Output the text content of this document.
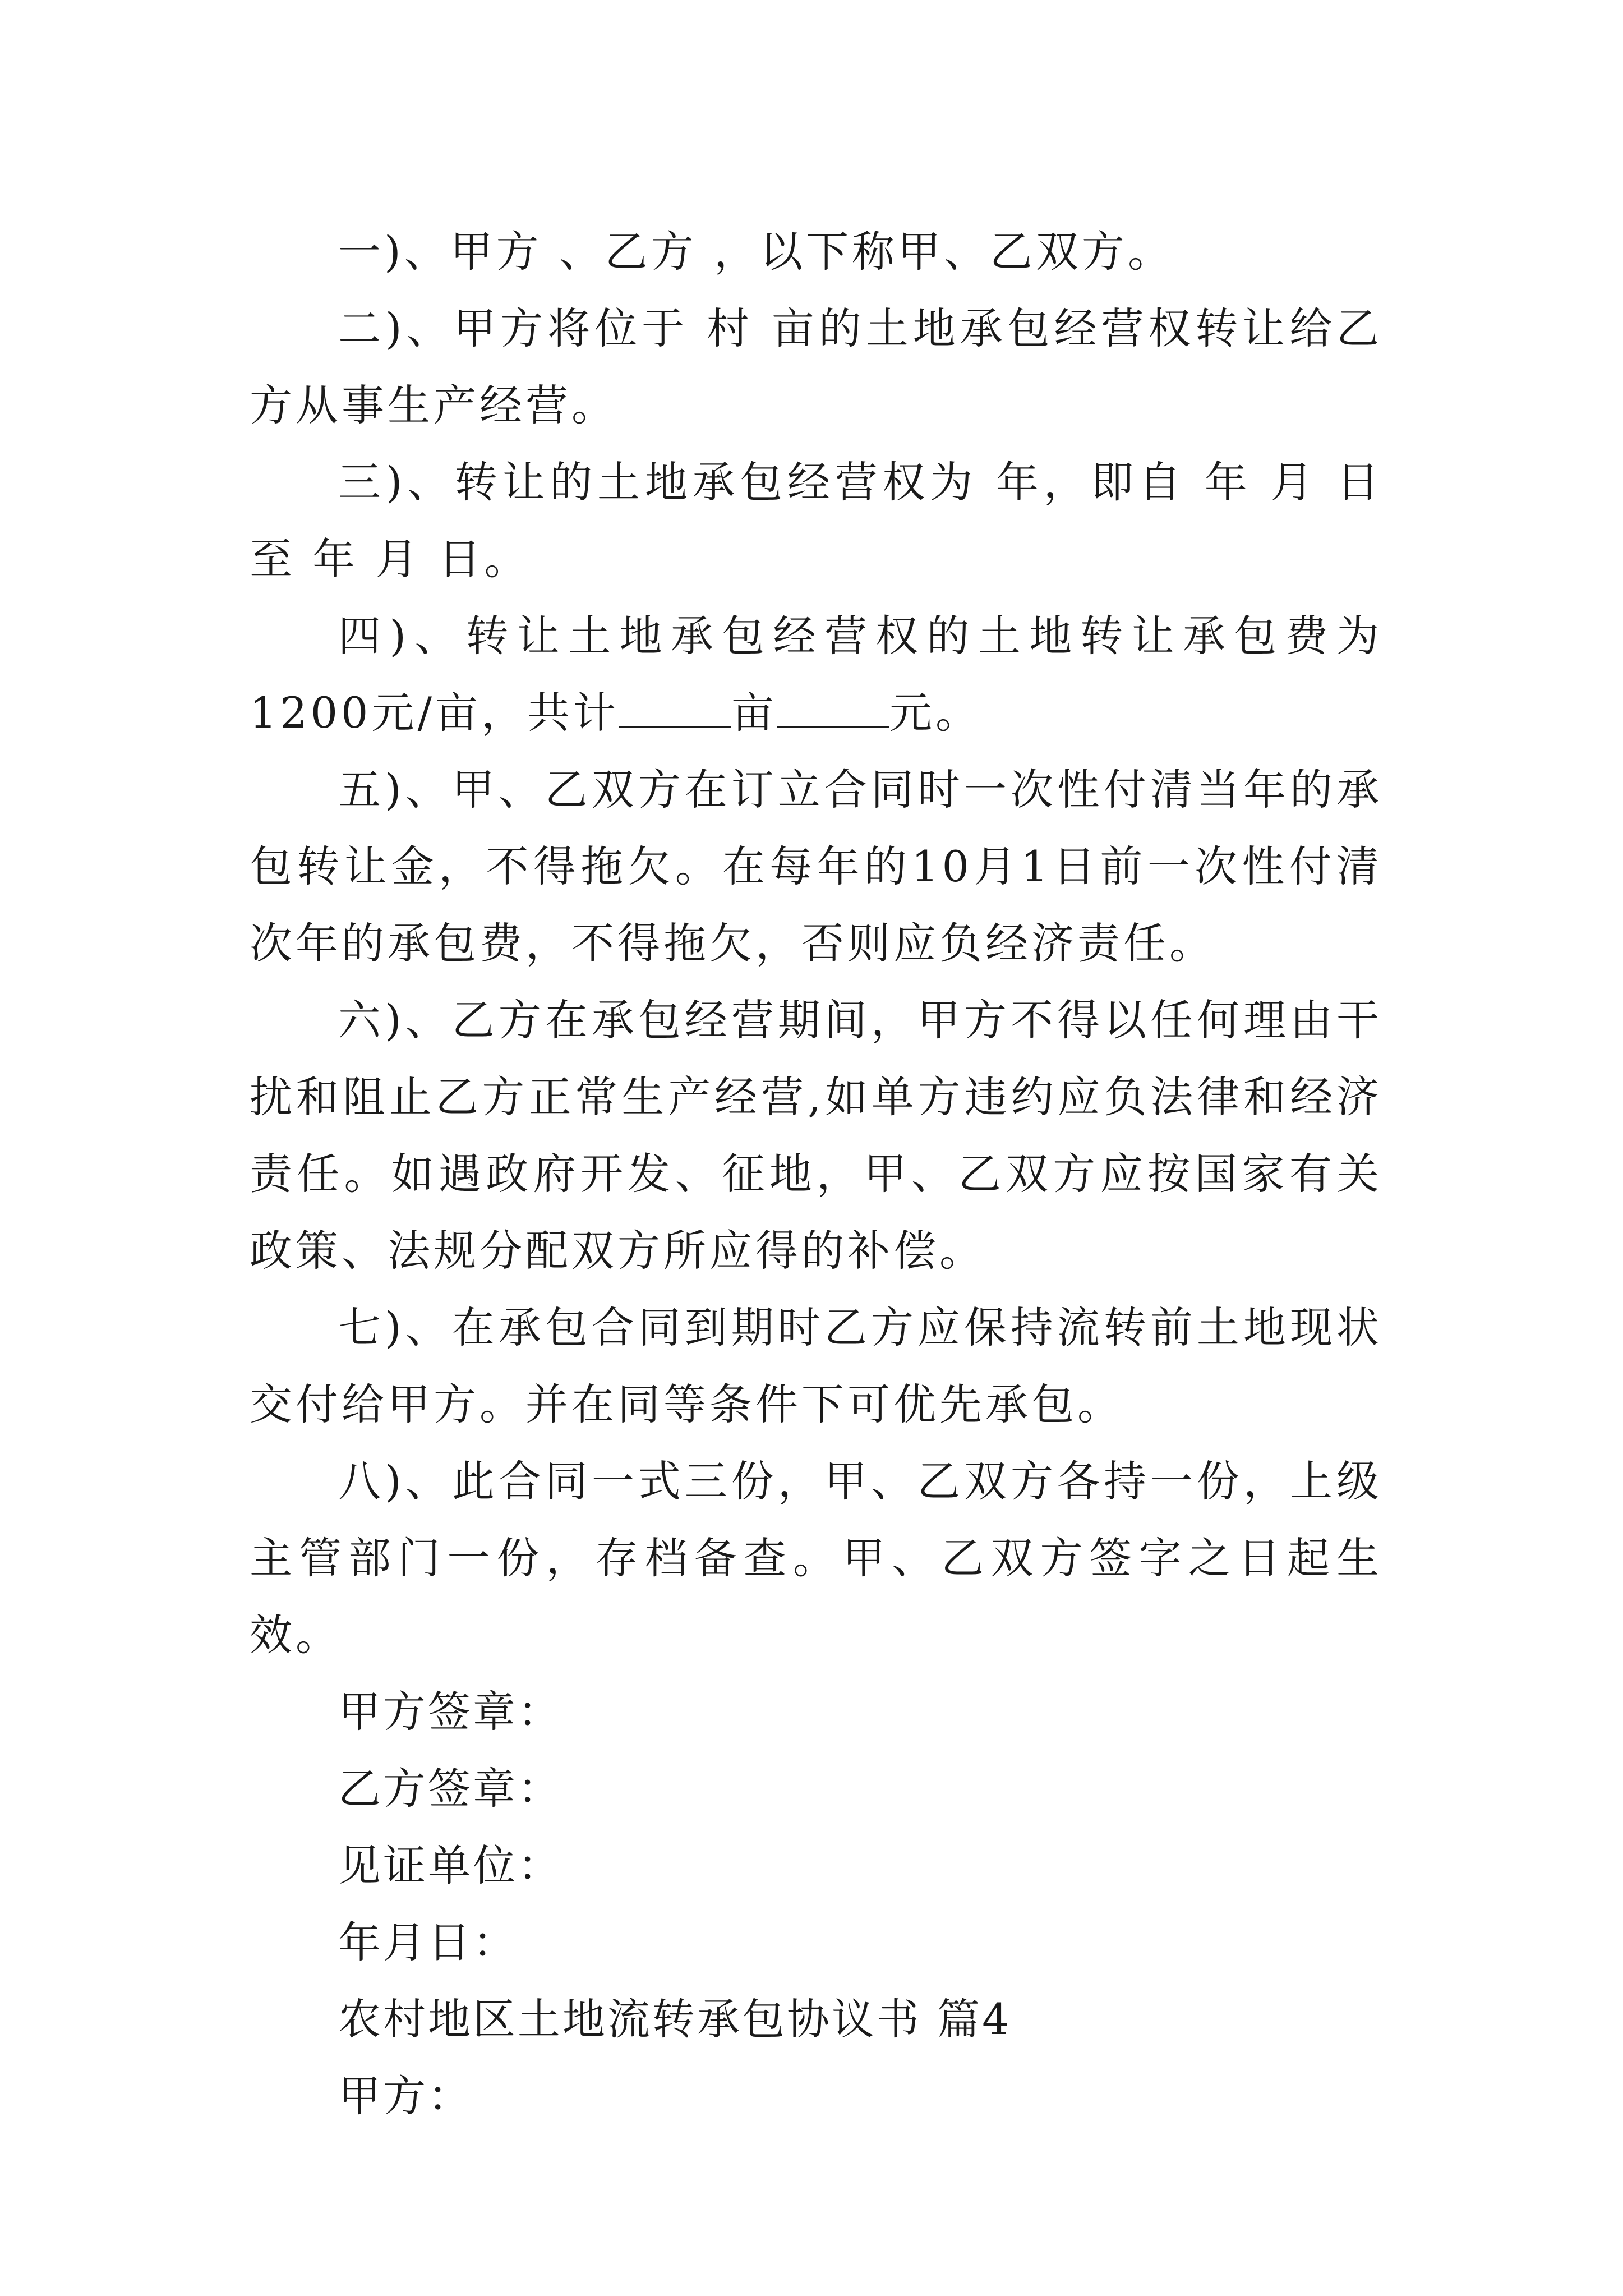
一)、甲方 、乙方 ，以下称甲、乙双方。

二)、甲方将位于 村 亩的土地承包经营权转让给乙方从事生产经营。

三)、转让的土地承包经营权为 年，即自 年 月 日至 年 月 日。

四)、转让土地承包经营权的土地转让承包费为1200元/亩，共计	亩	元。

五)、甲、乙双方在订立合同时一次性付清当年的承包转让金，不得拖欠。在每年的10月1日前一次性付清次年的承包费，不得拖欠，否则应负经济责任。

六)、乙方在承包经营期间，甲方不得以任何理由干扰和阻止乙方正常生产经营,如单方违约应负法律和经济责任。如遇政府开发、征地，甲、乙双方应按国家有关政策、法规分配双方所应得的补偿。

七)、在承包合同到期时乙方应保持流转前土地现状交付给甲方。并在同等条件下可优先承包。

八)、此合同一式三份，甲、乙双方各持一份，上级主管部门一份，存档备查。甲、乙双方签字之日起生效。

甲方签章：

乙方签章：

见证单位：

年月日：

农村地区土地流转承包协议书 篇4

甲方：
